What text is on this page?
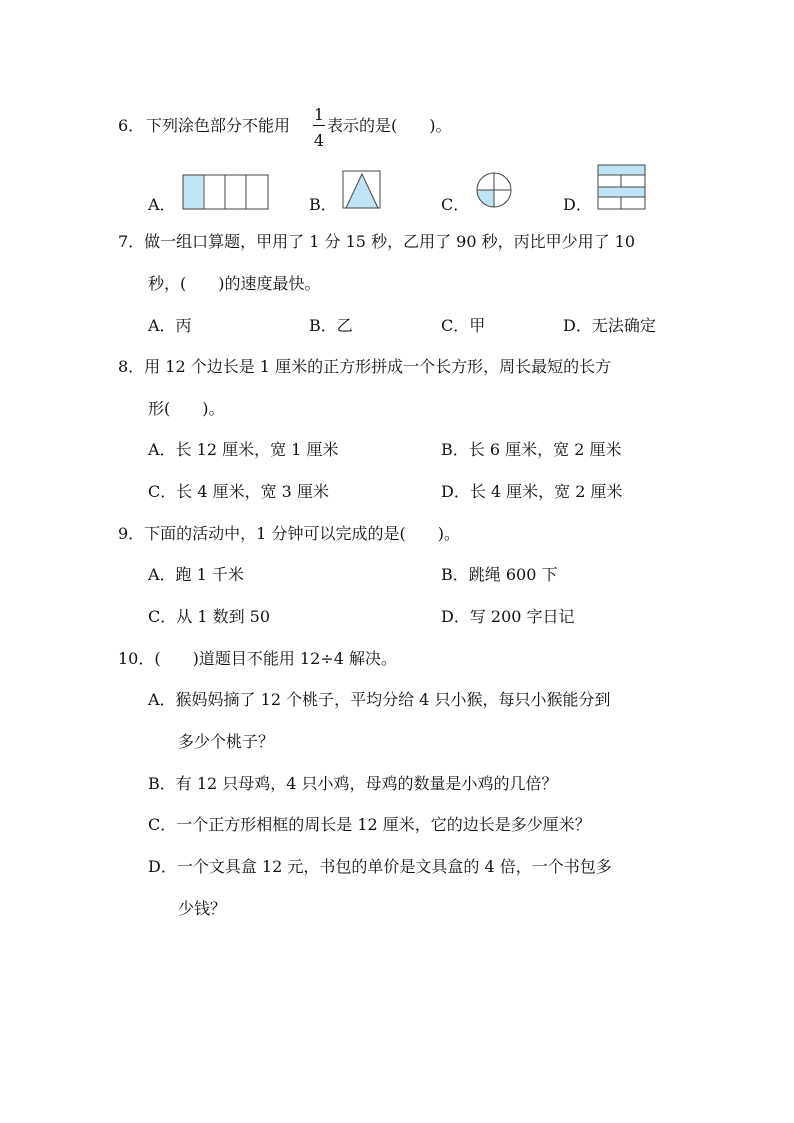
6． 下列涂色部分不能用
1
4
表示的是(　　)。
A．	B．	C．	D．
7．做一组口算题，甲用了 1 分 15 秒，乙用了 90 秒，丙比甲少用了 10
秒，(　　)的速度最快。
A．丙	B．乙	C．甲	D．无法确定
8．用 12 个边长是 1 厘米的正方形拼成一个长方形，周长最短的长方
形(　　)。
A．长 12 厘米，宽 1 厘米	B．长 6 厘米，宽 2 厘米
C．长 4 厘米，宽 3 厘米	D．长 4 厘米，宽 2 厘米
9．下面的活动中，1 分钟可以完成的是(　　)。
A．跑 1 千米	B．跳绳 600 下
C．从 1 数到 50	D．写 200 字日记
10．(　　)道题目不能用 12÷4 解决。
A．猴妈妈摘了 12 个桃子，平均分给 4 只小猴，每只小猴能分到
多少个桃子？
B．有 12 只母鸡，4 只小鸡，母鸡的数量是小鸡的几倍？
C．一个正方形相框的周长是 12 厘米，它的边长是多少厘米？
D．一个文具盒 12 元，书包的单价是文具盒的 4 倍，一个书包多
少钱？
